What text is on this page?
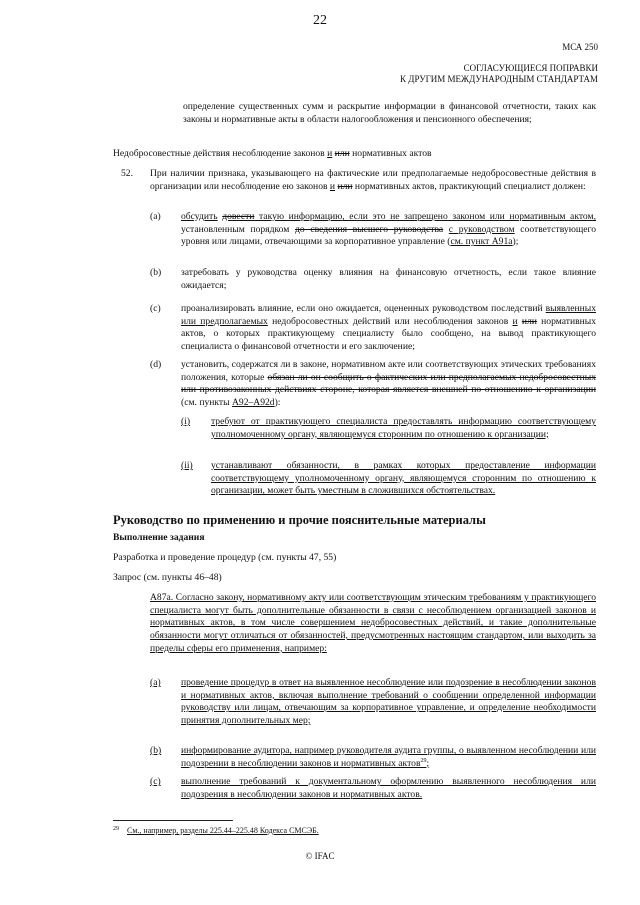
22
МСА 250
СОГЛАСУЮЩИЕСЯ ПОПРАВКИ
К ДРУГИМ МЕЖДУНАРОДНЫМ СТАНДАРТАМ
определение существенных сумм и раскрытие информации в финансовой отчетности, таких как законы и нормативные акты в области налогообложения и пенсионного обеспечения;
Недобросовестные действия несоблюдение законов и или нормативных актов
52. При наличии признака, указывающего на фактические или предполагаемые недобросовестные действия в организации или несоблюдение ею законов и или нормативных актов, практикующий специалист должен:
(a)	обсудить довести такую информацию, если это не запрещено законом или нормативным актом, установленным порядком до сведения высшего руководства с руководством соответствующего уровня или лицами, отвечающими за корпоративное управление (см. пункт A91a);
(b)	затребовать у руководства оценку влияния на финансовую отчетность, если такое влияние ожидается;
(c)	проанализировать влияние, если оно ожидается, оцененных руководством последствий выявленных или предполагаемых недобросовестных действий или несоблюдения законов и или нормативных актов, о которых практикующему специалисту было сообщено, на вывод практикующего специалиста о финансовой отчетности и его заключение;
(d)	установить, содержатся ли в законе, нормативном акте или соответствующих этических требованиях положения, которые обязан ли он сообщить о фактических или предполагаемых недобросовестных или противозаконных действиях стороне, которая является внешней по отношению к организации (см. пункты A92–A92d):
(i)	требуют от практикующего специалиста предоставлять информацию соответствующему уполномоченному органу, являющемуся сторонним по отношению к организации;
(ii)	устанавливают обязанности, в рамках которых предоставление информации соответствующему уполномоченному органу, являющемуся сторонним по отношению к организации, может быть уместным в сложившихся обстоятельствах.
Руководство по применению и прочие пояснительные материалы
Выполнение задания
Разработка и проведение процедур (см. пункты 47, 55)
Запрос (см. пункты 46–48)
A87a. Согласно закону, нормативному акту или соответствующим этическим требованиям у практикующего специалиста могут быть дополнительные обязанности в связи с несоблюдением организацией законов и нормативных актов, в том числе совершением недобросовестных действий, и такие дополнительные обязанности могут отличаться от обязанностей, предусмотренных настоящим стандартом, или выходить за пределы сферы его применения, например:
(a)	проведение процедур в ответ на выявленное несоблюдение или подозрение в несоблюдении законов и нормативных актов, включая выполнение требований о сообщении определенной информации руководству или лицам, отвечающим за корпоративное управление, и определение необходимости принятия дополнительных мер;
(b)	информирование аудитора, например руководителя аудита группы, о выявленном несоблюдении или подозрении в несоблюдении законов и нормативных актов$^{29}$;
(c)	выполнение требований к документальному оформлению выявленного несоблюдения или подозрения в несоблюдении законов и нормативных актов.
29 См., например, разделы 225.44–225.48 Кодекса СМСЭБ.
© IFAC
